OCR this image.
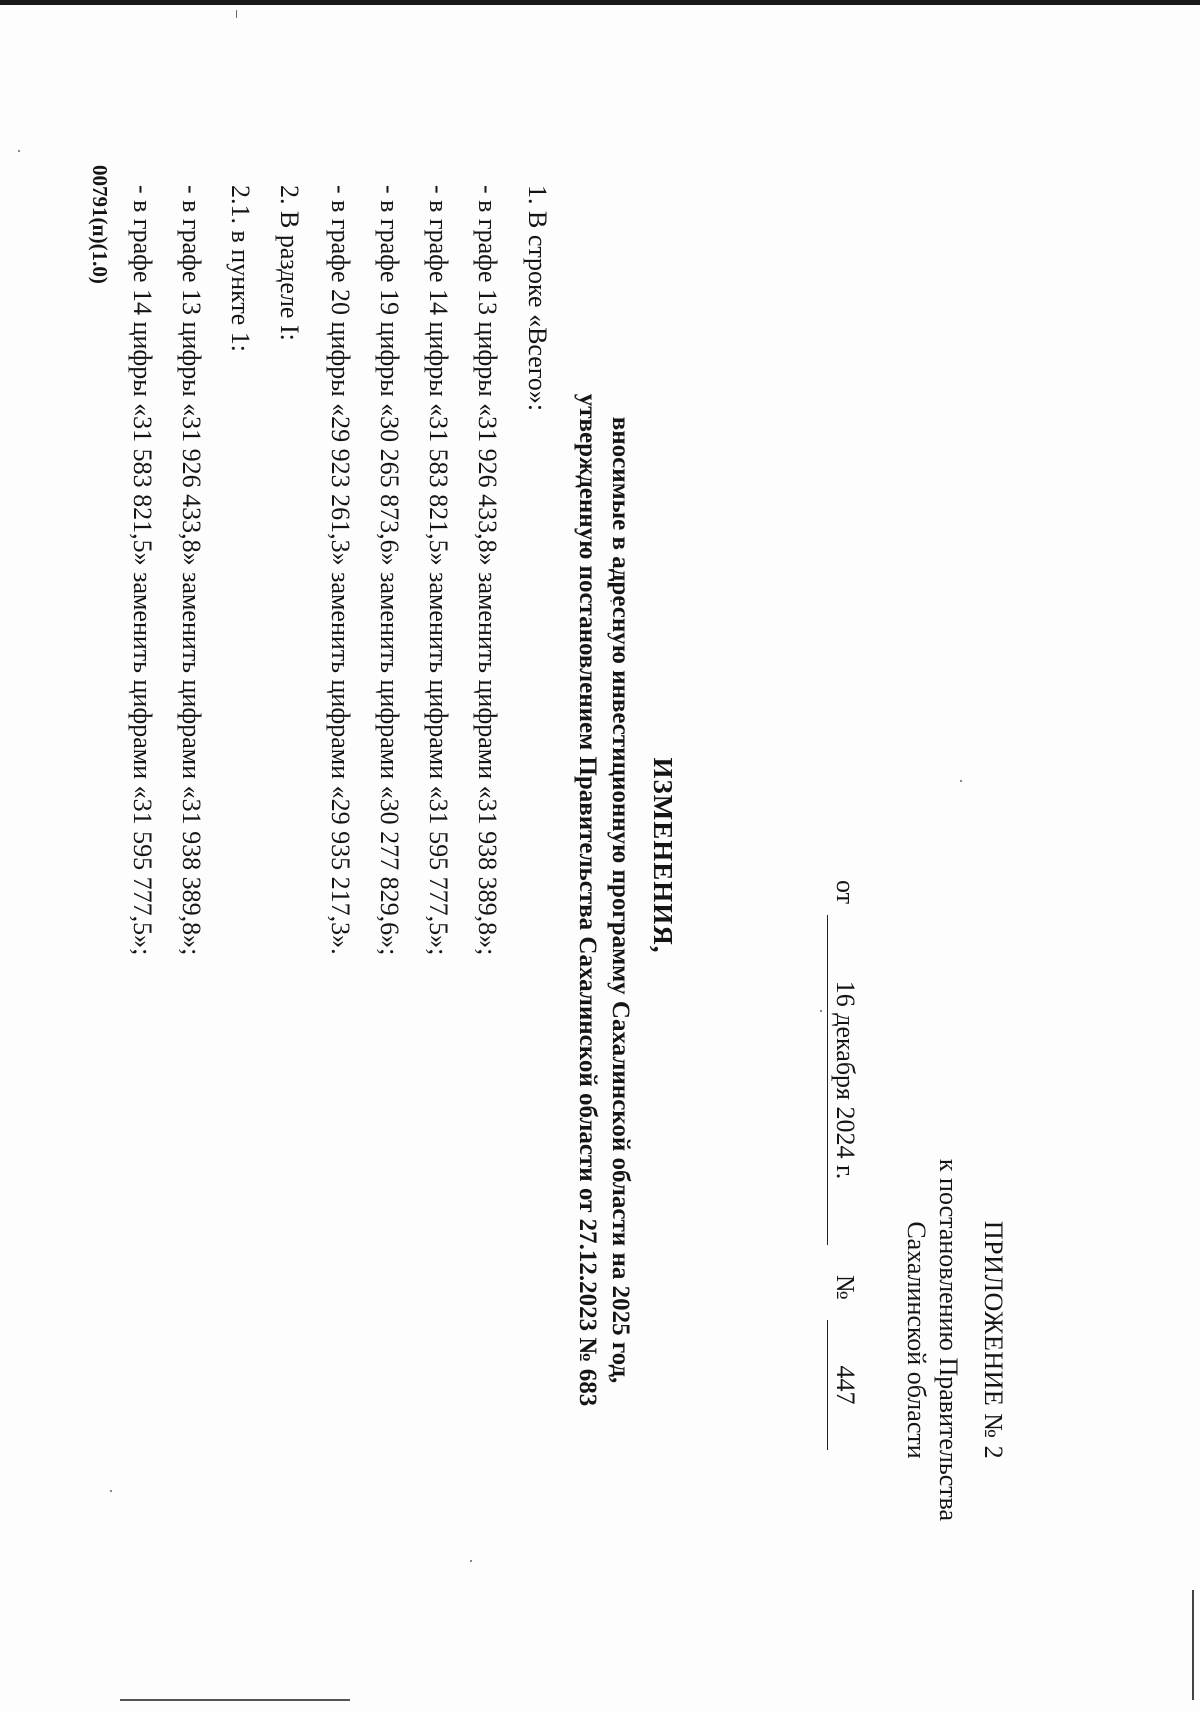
ПРИЛОЖЕНИЕ № 2
к постановлению Правительства
Сахалинской области
от
16 декабря 2024 г.
№
447
ИЗМЕНЕНИЯ,
вносимые в адресную инвестиционную программу Сахалинской области на 2025 год,
утвержденную постановлением Правительства Сахалинской области от 27.12.2023 № 683
1. В строке «Всего»:
- в графе 13 цифры «31 926 433,8» заменить цифрами «31 938 389,8»;
- в графе 14 цифры «31 583 821,5» заменить цифрами «31 595 777,5»;
- в графе 19 цифры «30 265 873,6» заменить цифрами «30 277 829,6»;
- в графе 20 цифры «29 923 261,3» заменить цифрами «29 935 217,3».
2. В разделе I:
2.1. в пункте 1:
- в графе 13 цифры «31 926 433,8» заменить цифрами «31 938 389,8»;
- в графе 14 цифры «31 583 821,5» заменить цифрами «31 595 777,5»;
00791(п)(1.0)
